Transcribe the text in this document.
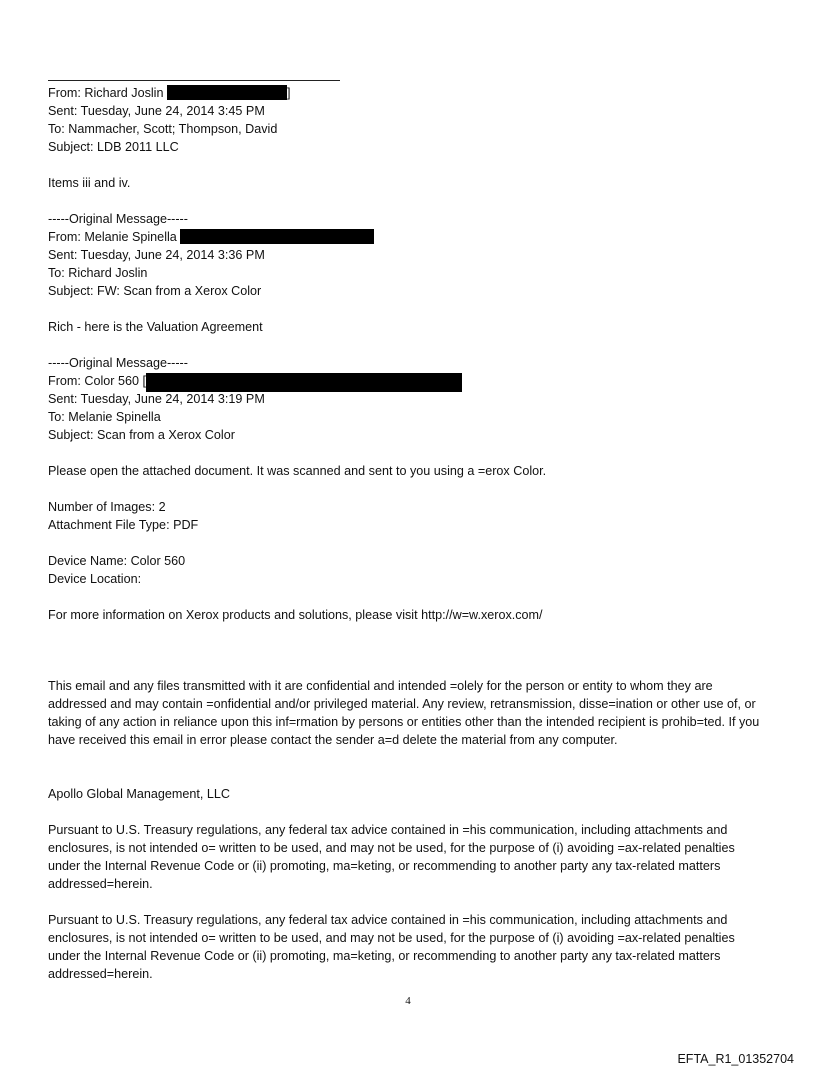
From: Richard Joslin	]
Sent: Tuesday, June 24, 2014 3:45 PM
To: Nammacher, Scott; Thompson, David
Subject: LDB 2011 LLC
Items iii and iv.
-----Original Message-----
From: Melanie Spinella
Sent: Tuesday, June 24, 2014 3:36 PM
To: Richard Joslin
Subject: FW: Scan from a Xerox Color
Rich - here is the Valuation Agreement
-----Original Message-----
From: Color 560 [
Sent: Tuesday, June 24, 2014 3:19 PM
To: Melanie Spinella
Subject: Scan from a Xerox Color
Please open the attached document. It was scanned and sent to you using a =erox Color.
Number of Images: 2
Attachment File Type: PDF
Device Name: Color 560
Device Location:
For more information on Xerox products and solutions, please visit http://w=w.xerox.com/
This email and any files transmitted with it are confidential and intended =olely for the person or entity to whom they are addressed and may contain =onfidential and/or privileged material. Any review, retransmission, disse=ination or other use of, or taking of any action in reliance upon this inf=rmation by persons or entities other than the intended recipient is prohib=ted. If you have received this email in error please contact the sender a=d delete the material from any computer.
Apollo Global Management, LLC
Pursuant to U.S. Treasury regulations, any federal tax advice contained in =his communication, including attachments and enclosures, is not intended o= written to be used, and may not be used, for the purpose of (i) avoiding =ax-related penalties under the Internal Revenue Code or (ii) promoting, ma=keting, or recommending to another party any tax-related matters addressed=herein.
Pursuant to U.S. Treasury regulations, any federal tax advice contained in =his communication, including attachments and enclosures, is not intended o= written to be used, and may not be used, for the purpose of (i) avoiding =ax-related penalties under the Internal Revenue Code or (ii) promoting, ma=keting, or recommending to another party any tax-related matters addressed=herein.
4
EFTA_R1_01352704
